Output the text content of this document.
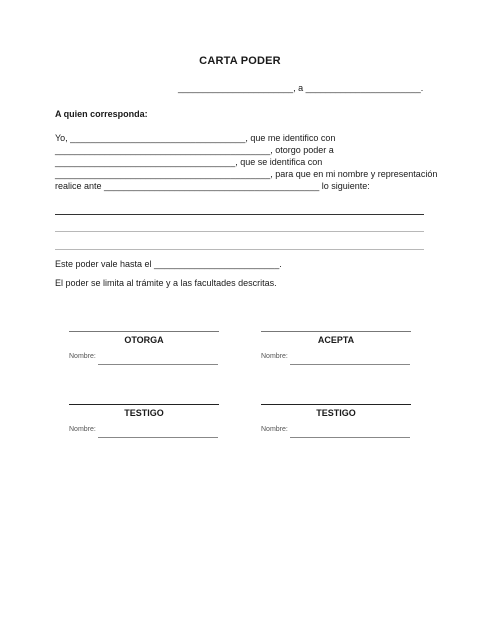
CARTA PODER
_______________________, a _______________________.
A quien corresponda:
Yo, ___________________________________, que me identifico con
___________________________________________, otorgo poder a
____________________________________, que se identifica con
___________________________________________, para que en mi nombre y representación
realice ante ___________________________________________ lo siguiente:
Este poder vale hasta el _________________________.
El poder se limita al trámite y a las facultades descritas.
OTORGA
Nombre:
ACEPTA
Nombre:
TESTIGO
Nombre:
TESTIGO
Nombre:
